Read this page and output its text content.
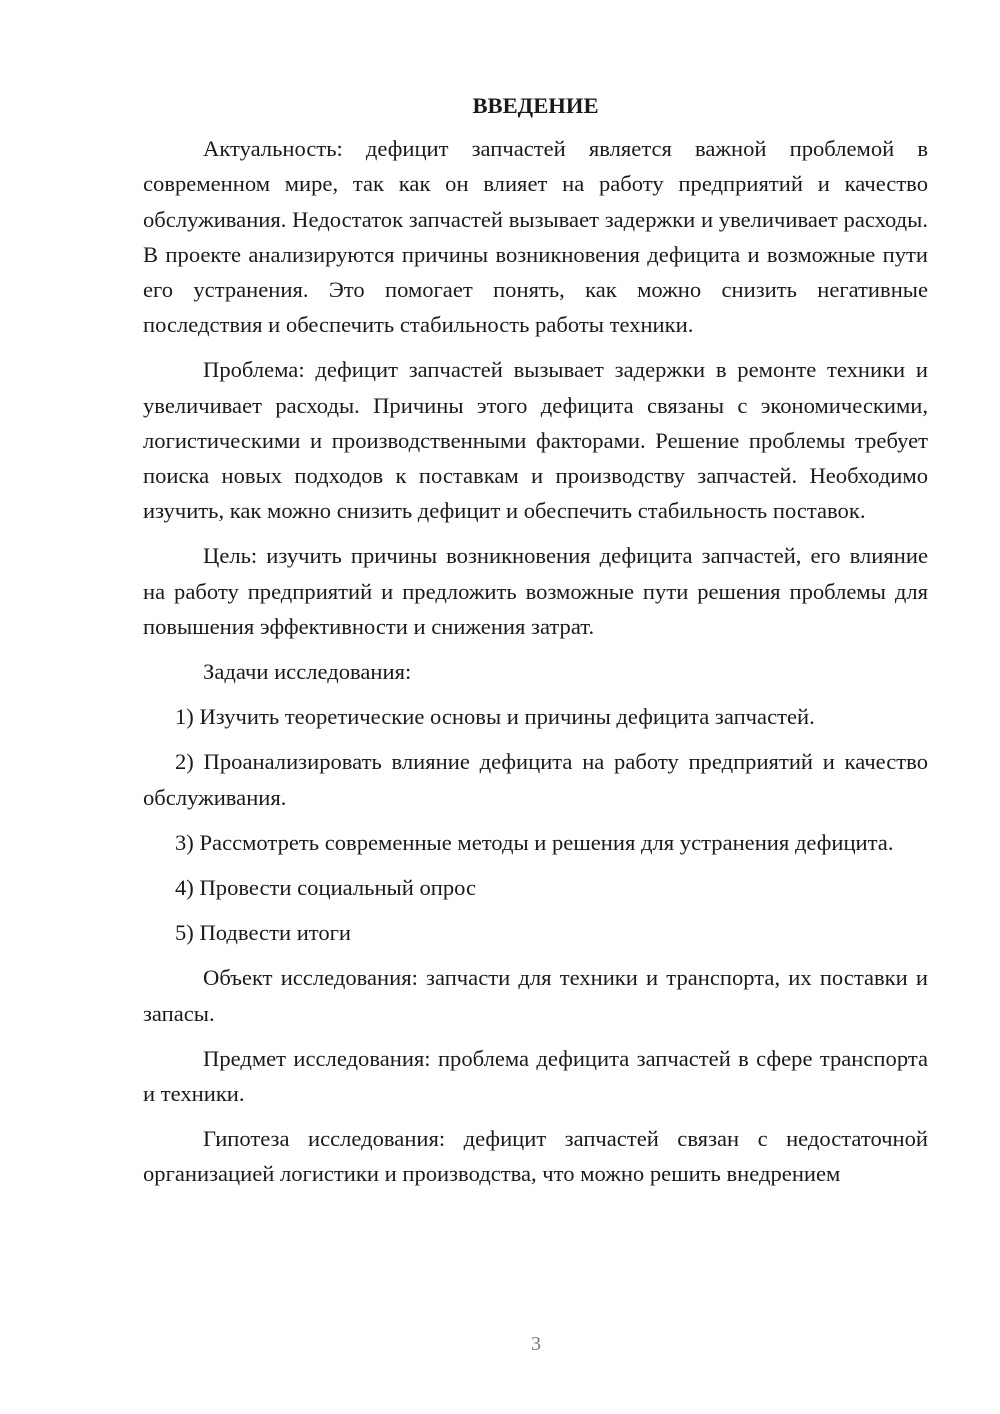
ВВЕДЕНИЕ

Актуальность: дефицит запчастей является важной проблемой в современном мире, так как он влияет на работу предприятий и качество обслуживания. Недостаток запчастей вызывает задержки и увеличивает расходы. В проекте анализируются причины возникновения дефицита и возможные пути его устранения. Это помогает понять, как можно снизить негативные последствия и обеспечить стабильность работы техники.

Проблема: дефицит запчастей вызывает задержки в ремонте техники и увеличивает расходы. Причины этого дефицита связаны с экономическими, логистическими и производственными факторами. Решение проблемы требует поиска новых подходов к поставкам и производству запчастей. Необходимо изучить, как можно снизить дефицит и обеспечить стабильность поставок.

Цель: изучить причины возникновения дефицита запчастей, его влияние на работу предприятий и предложить возможные пути решения проблемы для повышения эффективности и снижения затрат.

Задачи исследования:

1) Изучить теоретические основы и причины дефицита запчастей.

2) Проанализировать влияние дефицита на работу предприятий и качество обслуживания.

3) Рассмотреть современные методы и решения для устранения дефицита.

4) Провести социальный опрос

5) Подвести итоги

Объект исследования: запчасти для техники и транспорта, их поставки и запасы.

Предмет исследования: проблема дефицита запчастей в сфере транспорта и техники.

Гипотеза исследования: дефицит запчастей связан с недостаточной организацией логистики и производства, что можно решить внедрением

3
